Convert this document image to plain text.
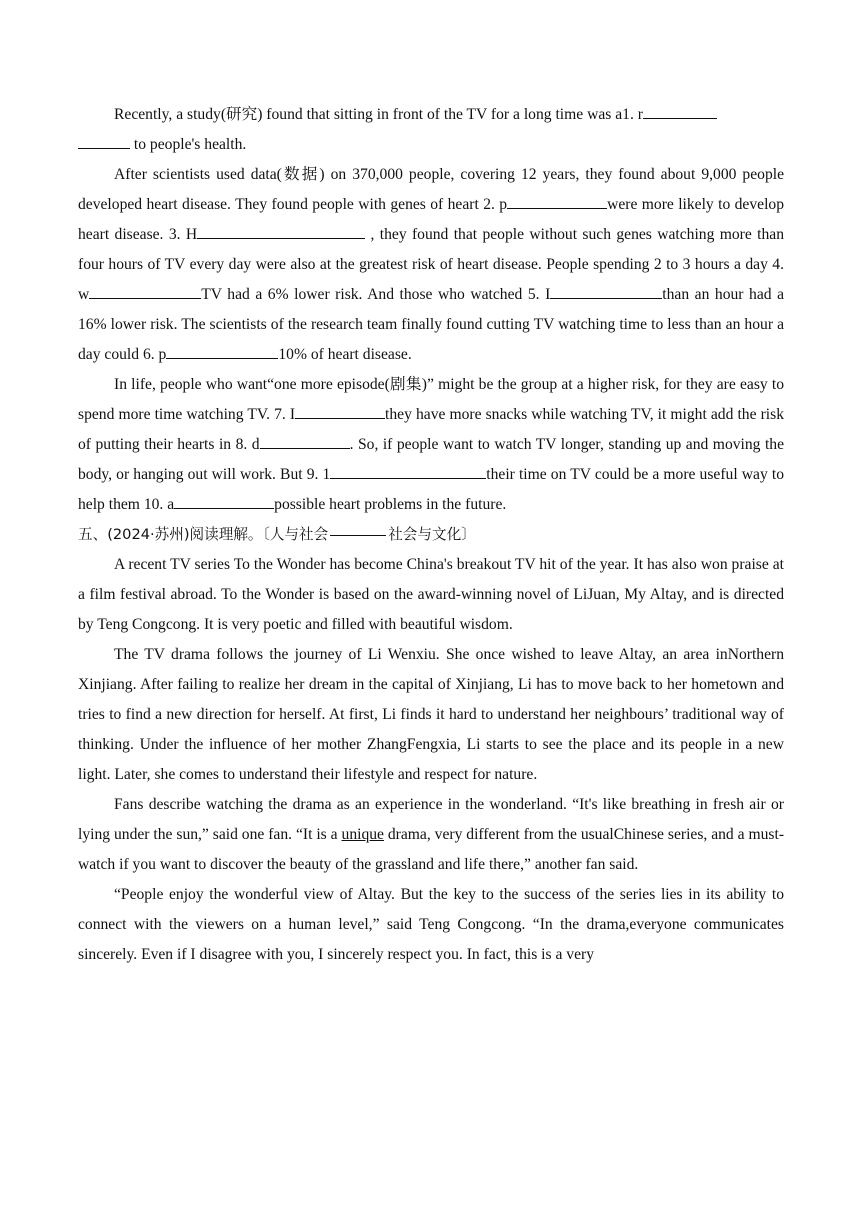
Recently, a study(研究) found that sitting in front of the TV for a long time was a1. r
to people's health.

After scientists used data(数据) on 370,000 people, covering 12 years, they found about 9,000 people developed heart disease. They found people with genes of heart 2. p	were more likely to develop heart disease. 3. H	, they found that people without such genes watching more than four hours of TV every day were also at the greatest risk of heart disease. People spending 2 to 3 hours a day 4. w	TV had a 6% lower risk. And those who watched 5. I	than an hour had a 16% lower risk. The scientists of the research team finally found cutting TV watching time to less than an hour a day could 6. p	10% of heart disease.

In life, people who want“one more episode(剧集)” might be the group at a higher risk, for they are easy to spend more time watching TV. 7. I	they have more snacks while watching TV, it might add the risk of putting their hearts in 8. d	. So, if people want to watch TV longer, standing up and moving the body, or hanging out will work. But 9. 1	their time on TV could be a more useful way to help them 10. a	possible heart problems in the future.

五、(2024·苏州)阅读理解。〔人与社会	社会与文化〕

A recent TV series To the Wonder has become China's breakout TV hit of the year. It has also won praise at a film festival abroad. To the Wonder is based on the award-winning novel of LiJuan, My Altay, and is directed by Teng Congcong. It is very poetic and filled with beautiful wisdom.

The TV drama follows the journey of Li Wenxiu. She once wished to leave Altay, an area inNorthern Xinjiang. After failing to realize her dream in the capital of Xinjiang, Li has to move back to her hometown and tries to find a new direction for herself. At first, Li finds it hard to understand her neighbours’ traditional way of thinking. Under the influence of her mother ZhangFengxia, Li starts to see the place and its people in a new light. Later, she comes to understand their lifestyle and respect for nature.

Fans describe watching the drama as an experience in the wonderland. “It's like breathing in fresh air or lying under the sun,” said one fan. “It is a unique drama, very different from the usualChinese series, and a must-watch if you want to discover the beauty of the grassland and life there,” another fan said.

“People enjoy the wonderful view of Altay. But the key to the success of the series lies in its ability to connect with the viewers on a human level,” said Teng Congcong. “In the drama,everyone communicates sincerely. Even if I disagree with you, I sincerely respect you. In fact, this is a very
